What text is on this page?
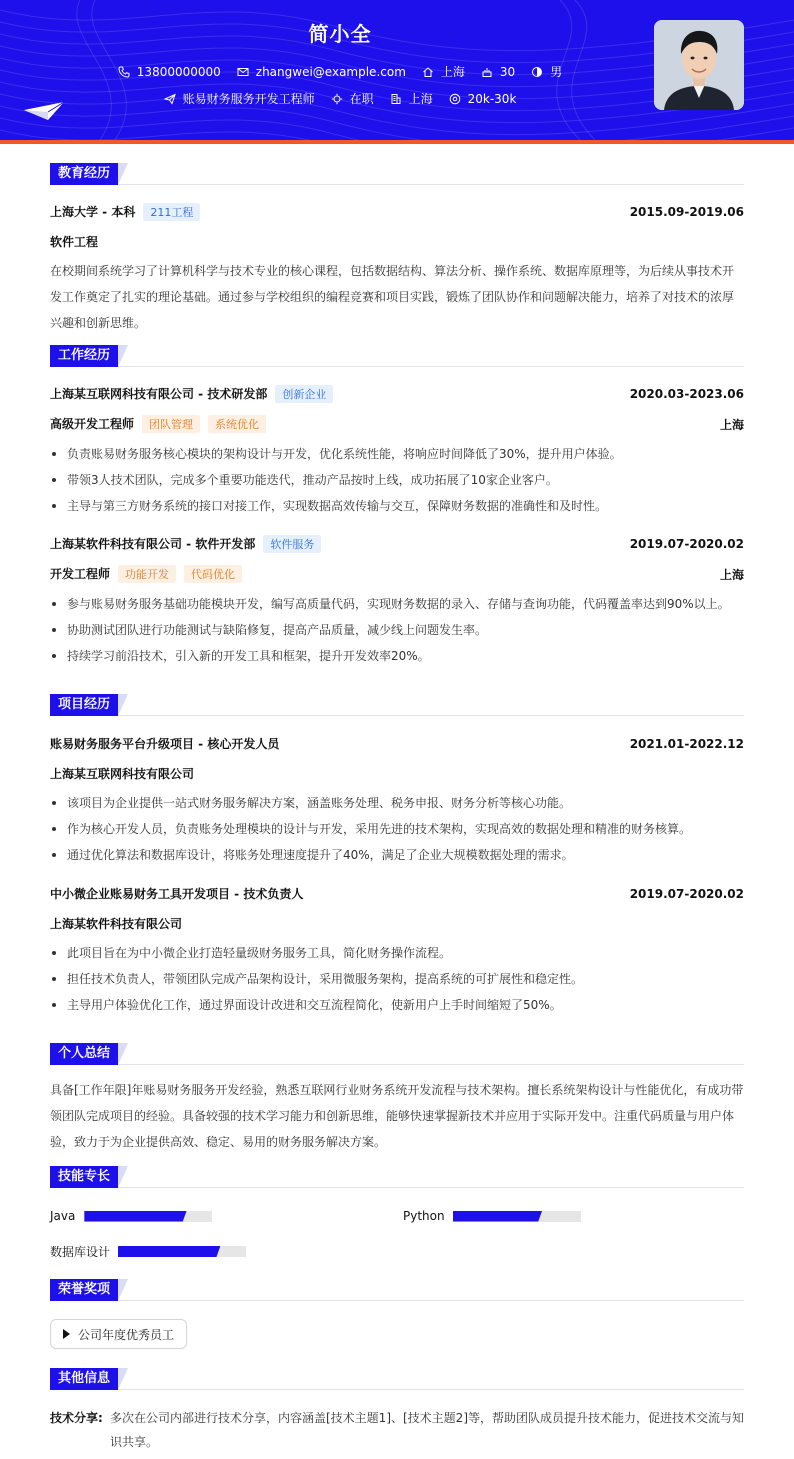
简小全
13800000000	zhangwei@example.com	上海	30	男
账易财务服务开发工程师	在职	上海	20k-30k
教育经历
上海大学 - 本科 211工程	2015.09-2019.06
软件工程
在校期间系统学习了计算机科学与技术专业的核心课程，包括数据结构、算法分析、操作系统、数据库原理等，为后续从事技术开发工作奠定了扎实的理论基础。通过参与学校组织的编程竞赛和项目实践，锻炼了团队协作和问题解决能力，培养了对技术的浓厚兴趣和创新思维。
工作经历
上海某互联网科技有限公司 - 技术研发部 创新企业	2020.03-2023.06
高级开发工程师 团队管理 系统优化	上海
负责账易财务服务核心模块的架构设计与开发，优化系统性能，将响应时间降低了30%，提升用户体验。
带领3人技术团队，完成多个重要功能迭代，推动产品按时上线，成功拓展了10家企业客户。
主导与第三方财务系统的接口对接工作，实现数据高效传输与交互，保障财务数据的准确性和及时性。
上海某软件科技有限公司 - 软件开发部 软件服务	2019.07-2020.02
开发工程师 功能开发 代码优化	上海
参与账易财务服务基础功能模块开发，编写高质量代码，实现财务数据的录入、存储与查询功能，代码覆盖率达到90%以上。
协助测试团队进行功能测试与缺陷修复，提高产品质量，减少线上问题发生率。
持续学习前沿技术，引入新的开发工具和框架，提升开发效率20%。
项目经历
账易财务服务平台升级项目 - 核心开发人员	2021.01-2022.12
上海某互联网科技有限公司
该项目为企业提供一站式财务服务解决方案，涵盖账务处理、税务申报、财务分析等核心功能。
作为核心开发人员，负责账务处理模块的设计与开发，采用先进的技术架构，实现高效的数据处理和精准的财务核算。
通过优化算法和数据库设计，将账务处理速度提升了40%，满足了企业大规模数据处理的需求。
中小微企业账易财务工具开发项目 - 技术负责人	2019.07-2020.02
上海某软件科技有限公司
此项目旨在为中小微企业打造轻量级财务服务工具，简化财务操作流程。
担任技术负责人，带领团队完成产品架构设计，采用微服务架构，提高系统的可扩展性和稳定性。
主导用户体验优化工作，通过界面设计改进和交互流程简化，使新用户上手时间缩短了50%。
个人总结
具备[工作年限]年账易财务服务开发经验，熟悉互联网行业财务系统开发流程与技术架构。擅长系统架构设计与性能优化，有成功带领团队完成项目的经验。具备较强的技术学习能力和创新思维，能够快速掌握新技术并应用于实际开发中。注重代码质量与用户体验，致力于为企业提供高效、稳定、易用的财务服务解决方案。
技能专长
Java	Python
数据库设计
荣誉奖项
公司年度优秀员工
其他信息
技术分享: 多次在公司内部进行技术分享，内容涵盖[技术主题1]、[技术主题2]等，帮助团队成员提升技术能力，促进技术交流与知识共享。
